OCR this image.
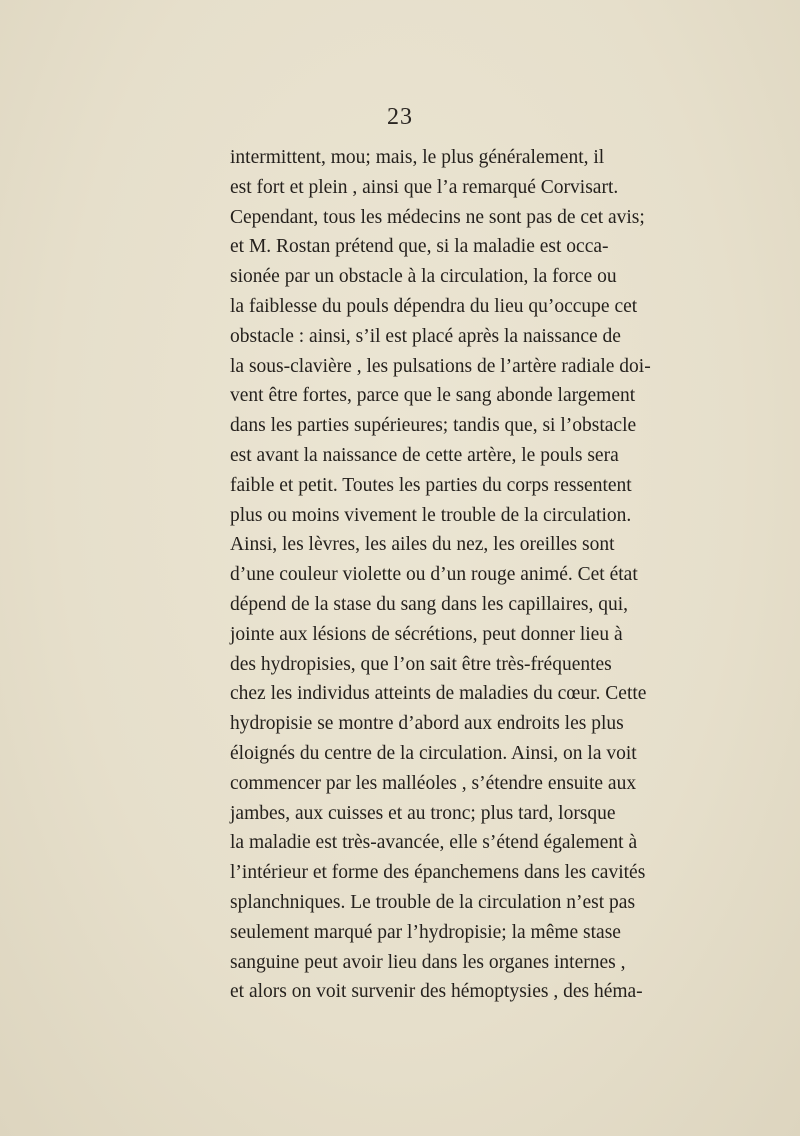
23
intermittent, mou; mais, le plus généralement, il
est fort et plein , ainsi que l’a remarqué Corvisart.
Cependant, tous les médecins ne sont pas de cet avis;
et M. Rostan prétend que, si la maladie est occa-
sionée par un obstacle à la circulation, la force ou
la faiblesse du pouls dépendra du lieu qu’occupe cet
obstacle : ainsi, s’il est placé après la naissance de
la sous-clavière , les pulsations de l’artère radiale doi-
vent être fortes, parce que le sang abonde largement
dans les parties supérieures; tandis que, si l’obstacle
est avant la naissance de cette artère, le pouls sera
faible et petit. Toutes les parties du corps ressentent
plus ou moins vivement le trouble de la circulation.
Ainsi, les lèvres, les ailes du nez, les oreilles sont
d’une couleur violette ou d’un rouge animé. Cet état
dépend de la stase du sang dans les capillaires, qui,
jointe aux lésions de sécrétions, peut donner lieu à
des hydropisies, que l’on sait être très-fréquentes
chez les individus atteints de maladies du cœur. Cette
hydropisie se montre d’abord aux endroits les plus
éloignés du centre de la circulation. Ainsi, on la voit
commencer par les malléoles , s’étendre ensuite aux
jambes, aux cuisses et au tronc; plus tard, lorsque
la maladie est très-avancée, elle s’étend également à
l’intérieur et forme des épanchemens dans les cavités
splanchniques. Le trouble de la circulation n’est pas
seulement marqué par l’hydropisie; la même stase
sanguine peut avoir lieu dans les organes internes ,
et alors on voit survenir des hémoptysies , des héma-
